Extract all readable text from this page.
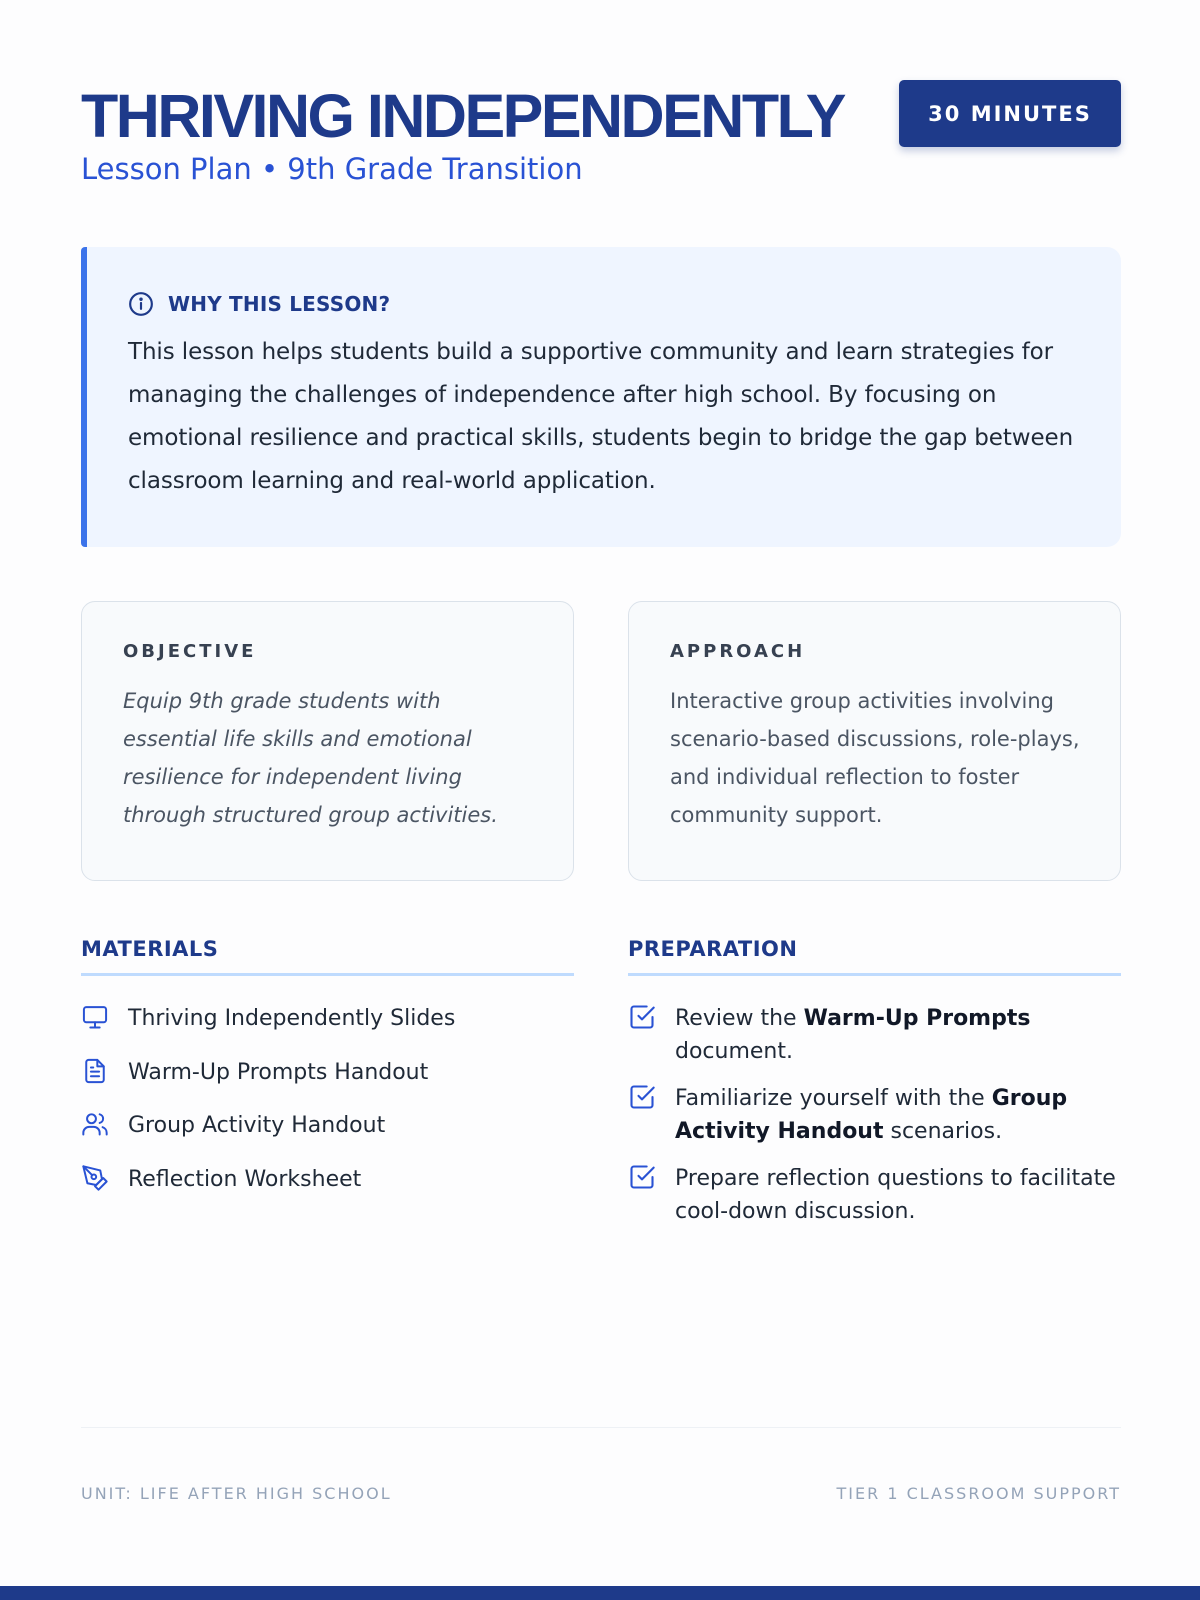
THRIVING INDEPENDENTLY
Lesson Plan • 9th Grade Transition
30 MINUTES
WHY THIS LESSON?

This lesson helps students build a supportive community and learn strategies for managing the challenges of independence after high school. By focusing on emotional resilience and practical skills, students begin to bridge the gap between classroom learning and real-world application.

OBJECTIVE

Equip 9th grade students with essential life skills and emotional resilience for independent living through structured group activities.

APPROACH

Interactive group activities involving scenario-based discussions, role-plays, and individual reflection to foster community support.

MATERIALS
Thriving Independently Slides
Warm-Up Prompts Handout
Group Activity Handout
Reflection Worksheet
PREPARATION
Review the Warm-Up Prompts document.
Familiarize yourself with the Group Activity Handout scenarios.
Prepare reflection questions to facilitate cool-down discussion.
UNIT: LIFE AFTER HIGH SCHOOL	TIER 1 CLASSROOM SUPPORT
